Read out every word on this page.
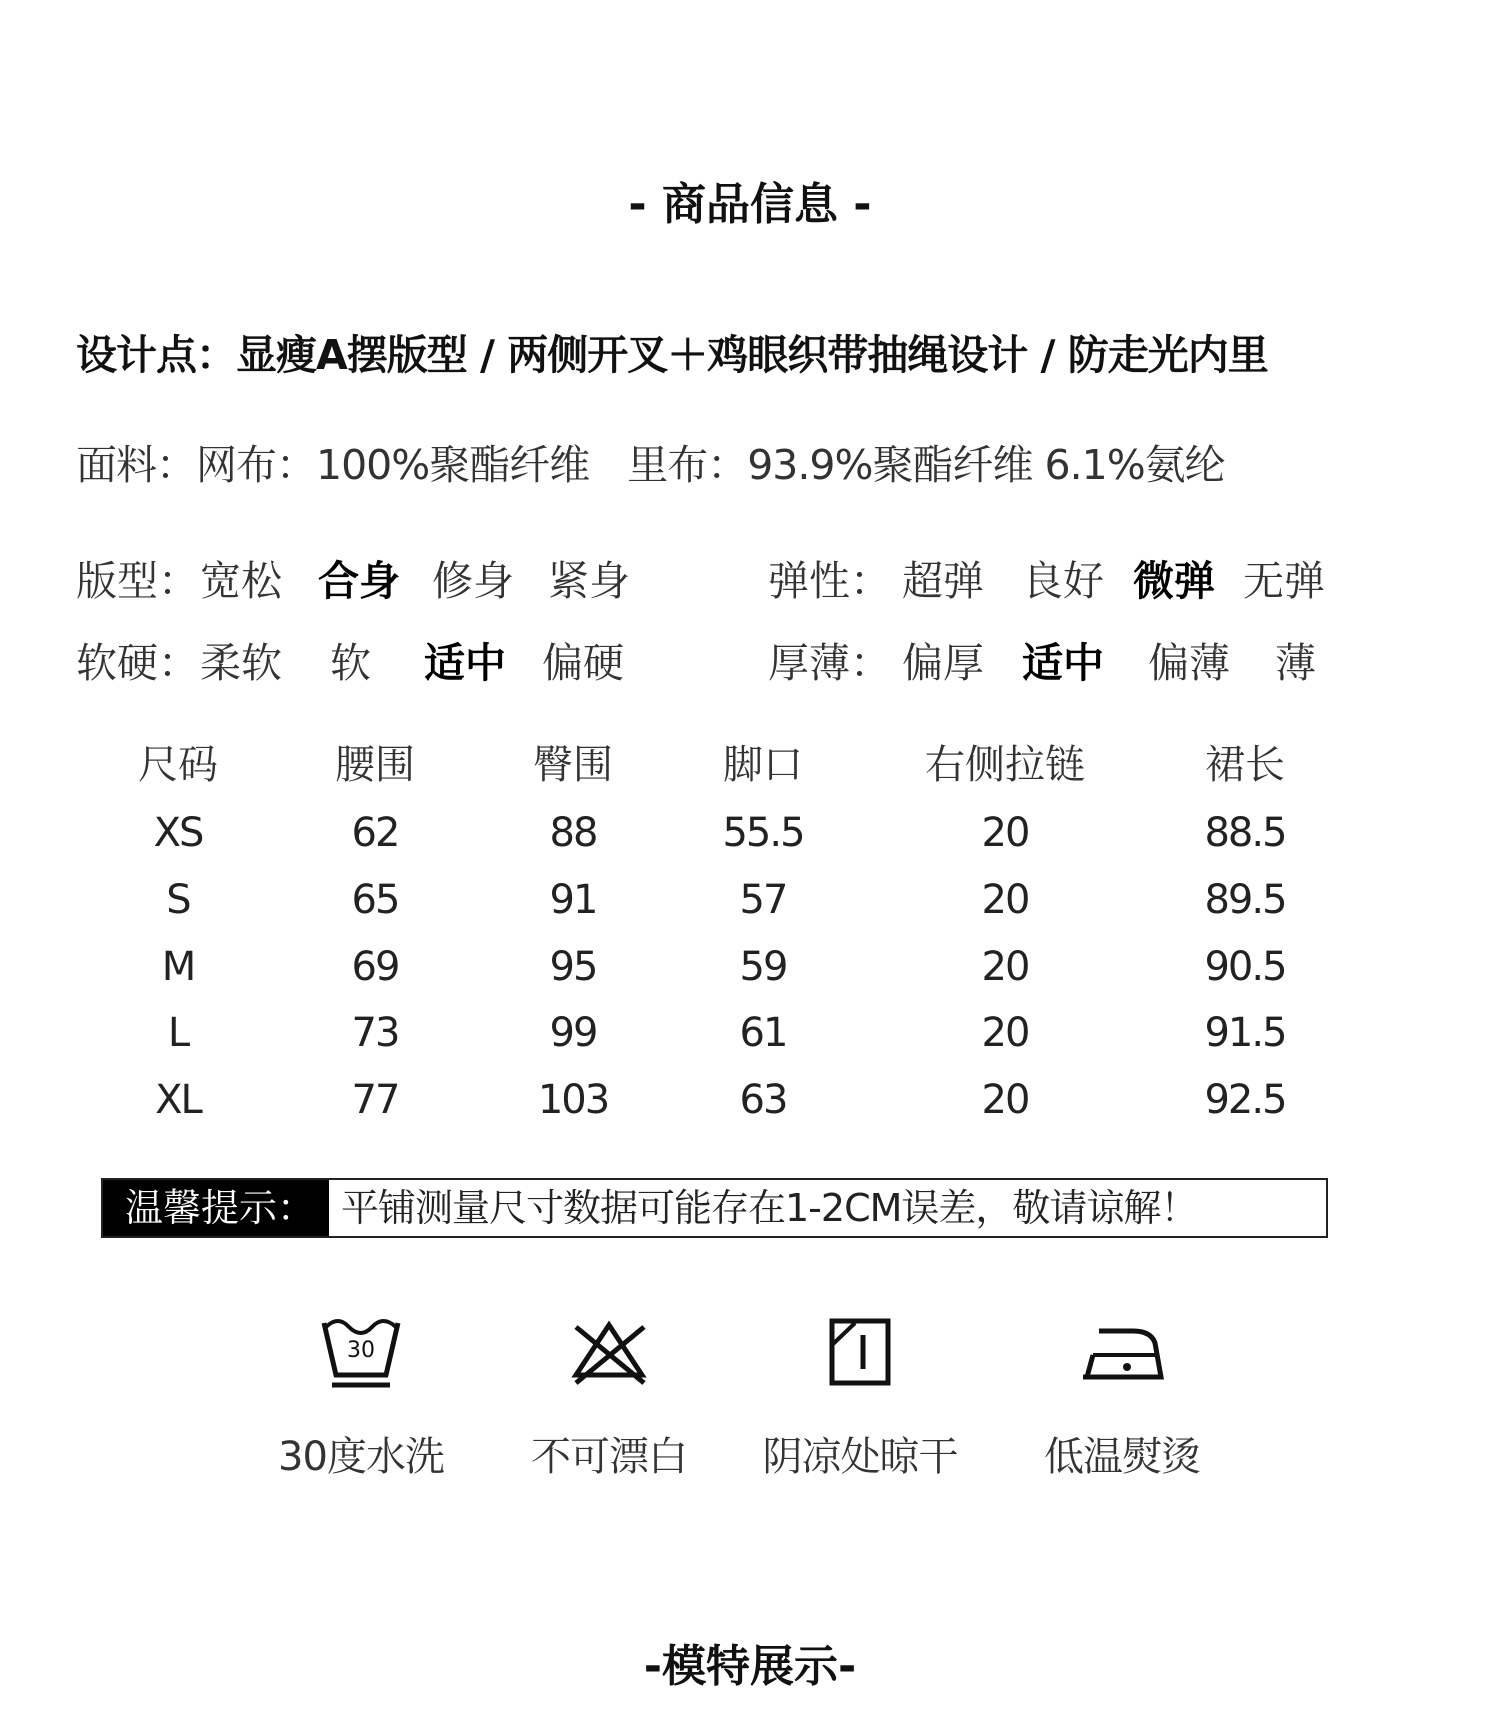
- 商品信息 -
设计点：显瘦A摆版型 / 两侧开叉＋鸡眼织带抽绳设计 / 防走光内里
面料：网布：100%聚酯纤维 里布：93.9%聚酯纤维 6.1%氨纶
版型： 宽松 合身 修身 紧身	弹性： 超弹 良好 微弹 无弹
软硬： 柔软 软 适中 偏硬	厚薄： 偏厚 适中 偏薄 薄
尺码	腰围	臀围	脚口	右侧拉链	裙长
XS	62	88	55.5	20	88.5
S	65	91	57	20	89.5
M	69	95	59	20	90.5
L	73	99	61	20	91.5
XL	77	103	63	20	92.5
温馨提示： 平铺测量尺寸数据可能存在1-2CM误差，敬请谅解！
30
30度水洗 不可漂白 阴凉处晾干 低温熨烫
-模特展示-
